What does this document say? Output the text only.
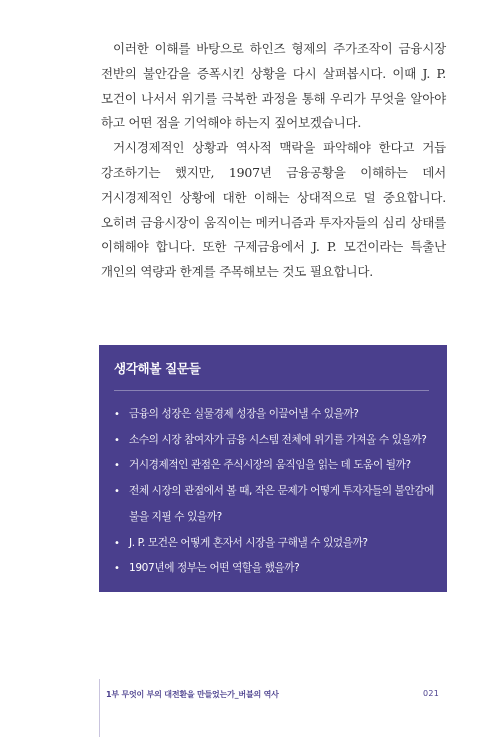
이러한 이해를 바탕으로 하인즈 형제의 주가조작이 금융시장 전반의 불안감을 증폭시킨 상황을 다시 살펴봅시다. 이때 J. P. 모건이 나서서 위기를 극복한 과정을 통해 우리가 무엇을 알아야 하고 어떤 점을 기억해야 하는지 짚어보겠습니다.

거시경제적인 상황과 역사적 맥락을 파악해야 한다고 거듭 강조하기는 했지만, 1907년 금융공황을 이해하는 데서 거시경제적인 상황에 대한 이해는 상대적으로 덜 중요합니다. 오히려 금융시장이 움직이는 메커니즘과 투자자들의 심리 상태를 이해해야 합니다. 또한 구제금융에서 J. P. 모건이라는 특출난 개인의 역량과 한계를 주목해보는 것도 필요합니다.

생각해볼 질문들
• 금융의 성장은 실물경제 성장을 이끌어낼 수 있을까?
• 소수의 시장 참여자가 금융 시스템 전체에 위기를 가져올 수 있을까?
• 거시경제적인 관점은 주식시장의 움직임을 읽는 데 도움이 될까?
• 전체 시장의 관점에서 볼 때, 작은 문제가 어떻게 투자자들의 불안감에 불을 지필 수 있을까?
• J. P. 모건은 어떻게 혼자서 시장을 구해낼 수 있었을까?
• 1907년에 정부는 어떤 역할을 했을까?
1부 무엇이 부의 대전환을 만들었는가_버블의 역사	021
